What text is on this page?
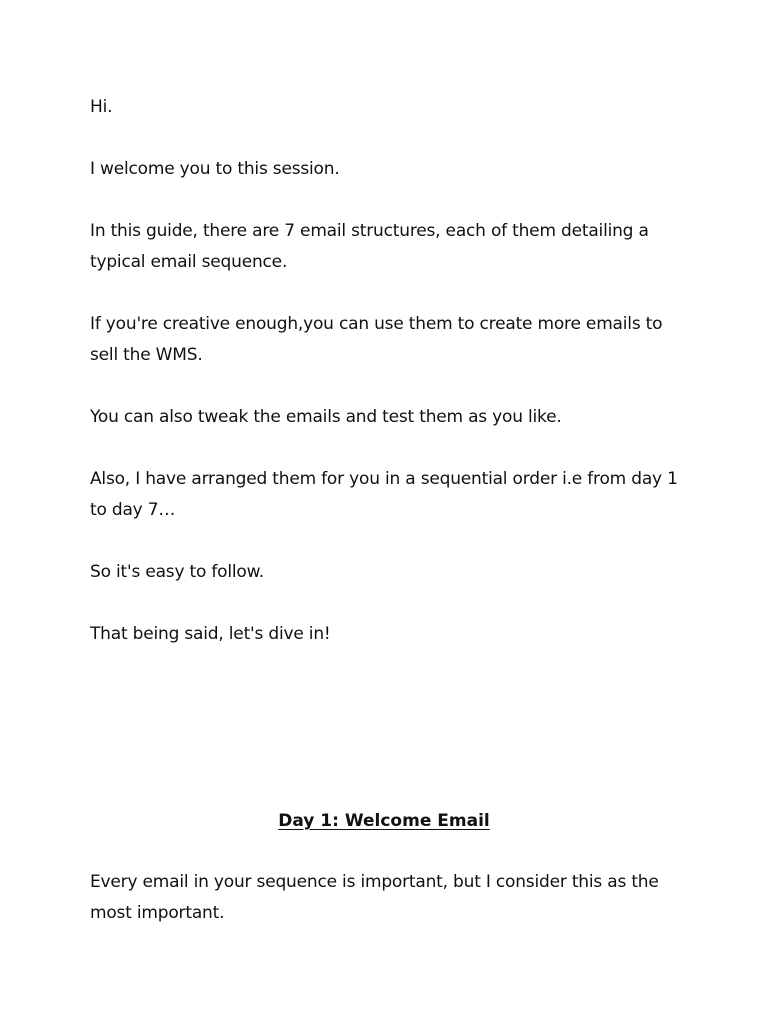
Hi.

I welcome you to this session.

In this guide, there are 7 email structures, each of them detailing a typical email sequence.

If you're creative enough,you can use them to create more emails to sell the WMS.

You can also tweak the emails and test them as you like.

Also, I have arranged them for you in a sequential order i.e from day 1 to day 7…

So it's easy to follow.

That being said, let's dive in!

Day 1: Welcome Email

Every email in your sequence is important, but I consider this as the most important.
